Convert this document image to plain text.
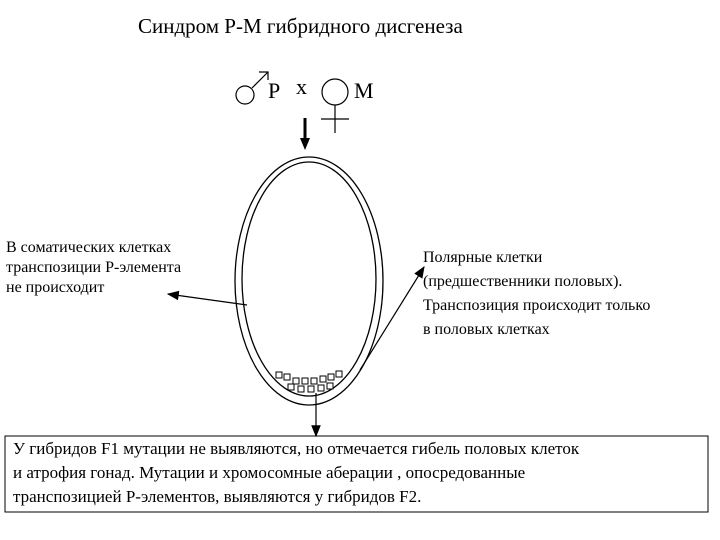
Синдром P-M гибридного дисгенеза
P x M
В соматических клетках
транспозиции P-элемента
не происходит
Полярные клетки
(предшественники половых).
Транспозиция происходит только
в половых клетках
У гибридов F1 мутации не выявляются, но отмечается гибель половых клеток
и атрофия гонад. Мутации и хромосомные аберации , опосредованные
транспозицией P-элементов, выявляются у гибридов F2.
